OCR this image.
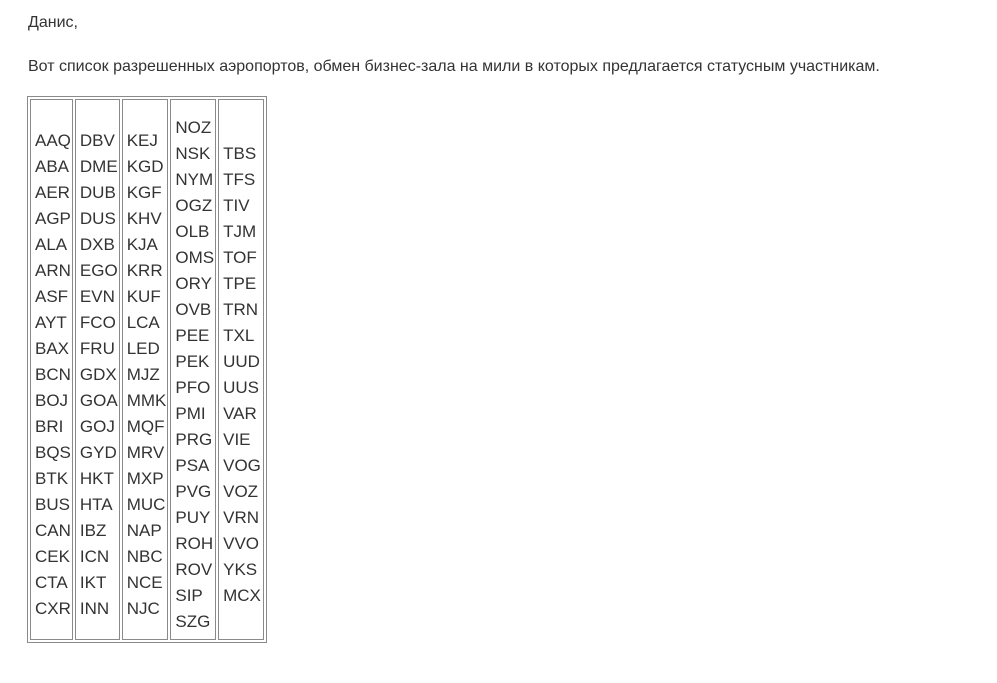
Данис,

Вот список разрешенных аэропортов, обмен бизнес-зала на мили в которых предлагается статусным участникам.

AAQ
ABA
AER
AGP
ALA
ARN
ASF
AYT
BAX
BCN
BOJ
BRI
BQS
BTK
BUS
CAN
CEK
CTA
CXR

DBV
DME
DUB
DUS
DXB
EGO
EVN
FCO
FRU
GDX
GOA
GOJ
GYD
HKT
HTA
IBZ
ICN
IKT
INN

KEJ
KGD
KGF
KHV
KJA
KRR
KUF
LCA
LED
MJZ
MMK
MQF
MRV
MXP
MUC
NAP
NBC
NCE
NJC

NOZ
NSK
NYM
OGZ
OLB
OMS
ORY
OVB
PEE
PEK
PFO
PMI
PRG
PSA
PVG
PUY
ROH
ROV
SIP
SZG

TBS
TFS
TIV
TJM
TOF
TPE
TRN
TXL
UUD
UUS
VAR
VIE
VOG
VOZ
VRN
VVO
YKS
MCX
